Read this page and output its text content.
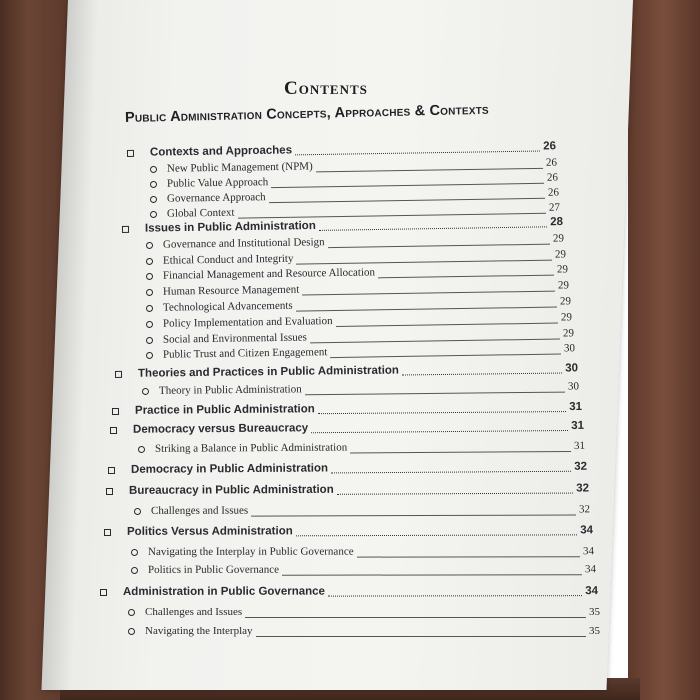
Contents
Public Administration Concepts, Approaches & Contexts
Contexts and Approaches	26
New Public Management (NPM)	26
Public Value Approach	26
Governance Approach	26
Global Context	27
Issues in Public Administration	28
Governance and Institutional Design	29
Ethical Conduct and Integrity	29
Financial Management and Resource Allocation	29
Human Resource Management	29
Technological Advancements	29
Policy Implementation and Evaluation	29
Social and Environmental Issues	29
Public Trust and Citizen Engagement	30
Theories and Practices in Public Administration	30
Theory in Public Administration	30
Practice in Public Administration	31
Democracy versus Bureaucracy	31
Striking a Balance in Public Administration	31
Democracy in Public Administration	32
Bureaucracy in Public Administration	32
Challenges and Issues	32
Politics Versus Administration	34
Navigating the Interplay in Public Governance	34
Politics in Public Governance	34
Administration in Public Governance	34
Challenges and Issues	35
Navigating the Interplay	35
